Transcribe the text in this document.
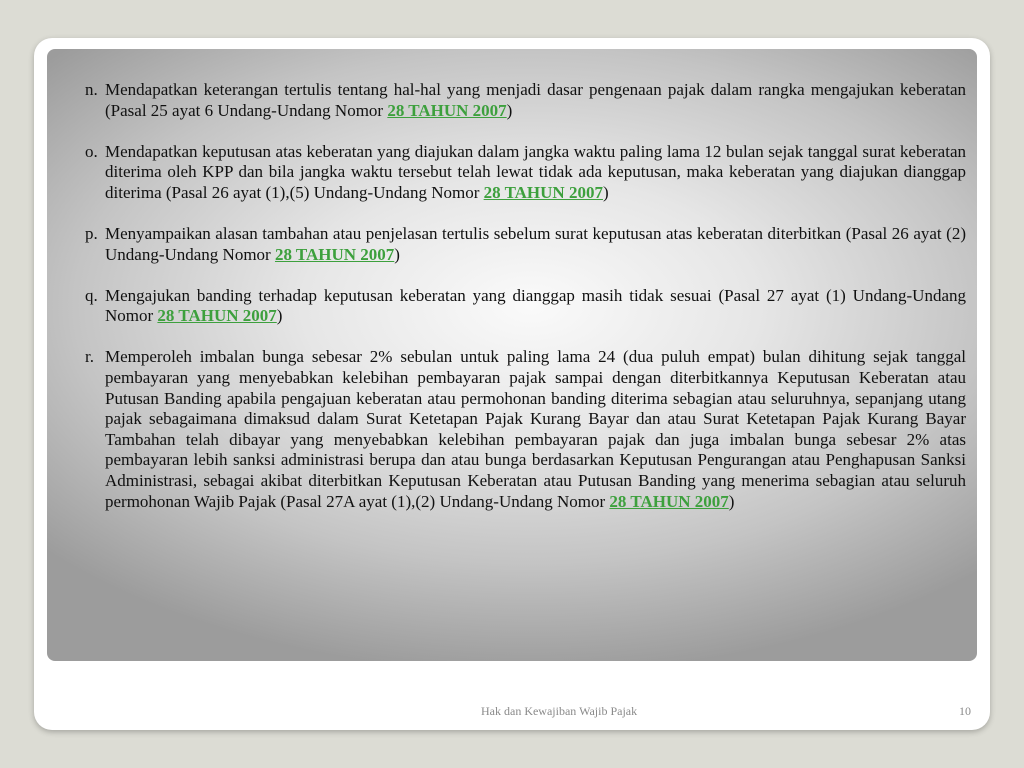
n. Mendapatkan keterangan tertulis tentang hal-hal yang menjadi dasar pengenaan pajak dalam rangka mengajukan keberatan (Pasal 25 ayat 6 Undang-Undang Nomor 28 TAHUN 2007)
o. Mendapatkan keputusan atas keberatan yang diajukan dalam jangka waktu paling lama 12 bulan sejak tanggal surat keberatan diterima oleh KPP dan bila jangka waktu tersebut telah lewat tidak ada keputusan, maka keberatan yang diajukan dianggap diterima (Pasal 26 ayat (1),(5) Undang-Undang Nomor 28 TAHUN 2007)
p. Menyampaikan alasan tambahan atau penjelasan tertulis sebelum surat keputusan atas keberatan diterbitkan (Pasal 26 ayat (2) Undang-Undang Nomor 28 TAHUN 2007)
q. Mengajukan banding terhadap keputusan keberatan yang dianggap masih tidak sesuai (Pasal 27 ayat (1) Undang-Undang Nomor 28 TAHUN 2007)
r. Memperoleh imbalan bunga sebesar 2% sebulan untuk paling lama 24 (dua puluh empat) bulan dihitung sejak tanggal pembayaran yang menyebabkan kelebihan pembayaran pajak sampai dengan diterbitkannya Keputusan Keberatan atau Putusan Banding apabila pengajuan keberatan atau permohonan banding diterima sebagian atau seluruhnya, sepanjang utang pajak sebagaimana dimaksud dalam Surat Ketetapan Pajak Kurang Bayar dan atau Surat Ketetapan Pajak Kurang Bayar Tambahan telah dibayar yang menyebabkan kelebihan pembayaran pajak dan juga imbalan bunga sebesar 2% atas pembayaran lebih sanksi administrasi berupa dan atau bunga berdasarkan Keputusan Pengurangan atau Penghapusan Sanksi Administrasi, sebagai akibat diterbitkan Keputusan Keberatan atau Putusan Banding yang menerima sebagian atau seluruh permohonan Wajib Pajak (Pasal 27A ayat (1),(2) Undang-Undang Nomor 28 TAHUN 2007)
Hak dan Kewajiban Wajib Pajak	10
